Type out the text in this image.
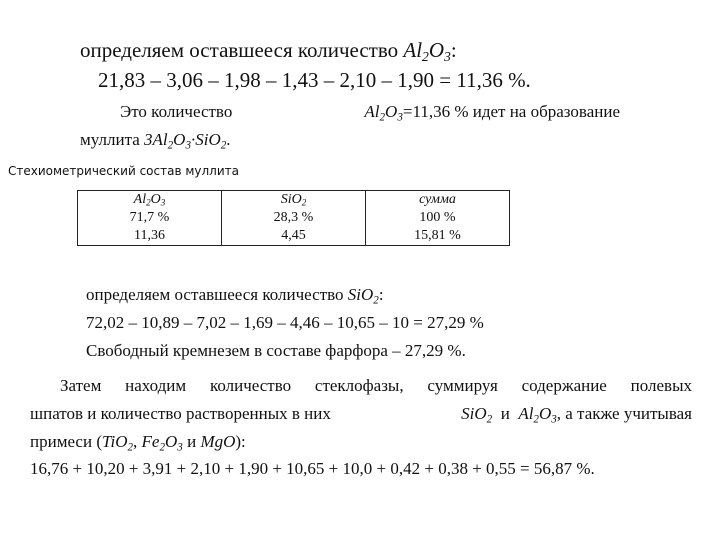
определяем оставшееся количество $Al_2O_3$:
21,83 – 3,06 – 1,98 – 1,43 – 2,10 – 1,90 = 11,36 %.
Это количество	$Al_2O_3=11,36$ % идет на образование
муллита $3Al_2O_3\cdot SiO_2$.
Стехиометрический состав муллита
$Al_2O_3$	SiO$_2$	сумма
71,7 %	28,3 %	100 %
11,36	4,45	15,81 %
определяем оставшееся количество SiO$_2$:
72,02 – 10,89 – 7,02 – 1,69 – 4,46 – 10,65 – 10 = 27,29 %
Свободный кремнезем в составе фарфора – 27,29 %.
Затем находим количество стеклофазы, суммируя содержание полевых
шпатов и количество растворенных в них	SiO$_2$ и $Al_2O_3$, а также учитывая
примеси (TiO$_2$, $Fe_2O_3$ и MgO):
16,76 + 10,20 + 3,91 + 2,10 + 1,90 + 10,65 + 10,0 + 0,42 + 0,38 + 0,55 = 56,87 %.
